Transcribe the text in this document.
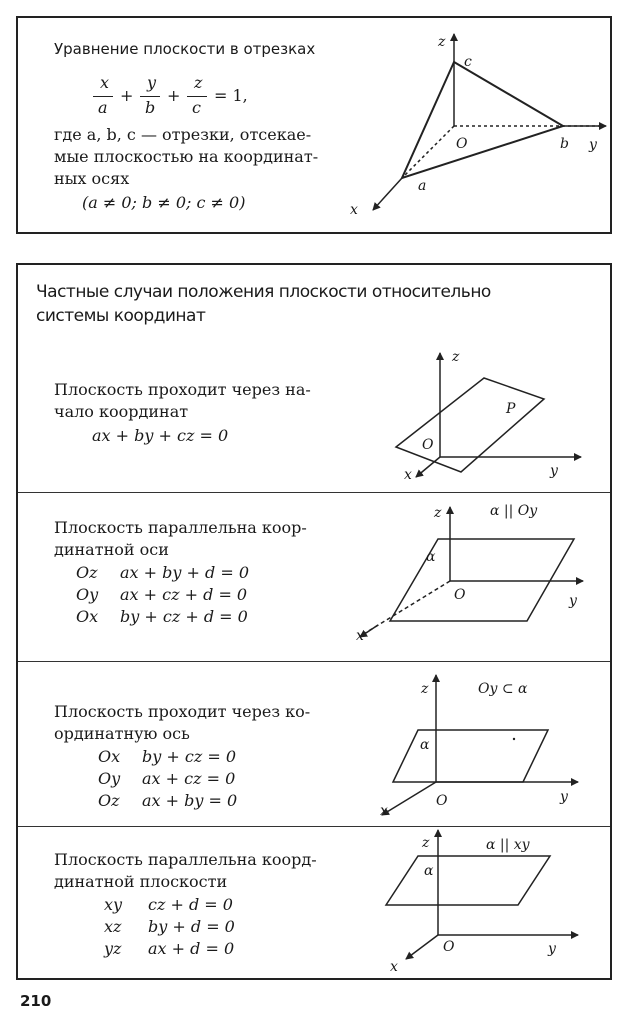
Уравнение плоскости в отрезках
x
a
+
y
b
+
z
c
= 1,
где a, b, c — отрезки, отсекае-
мые плоскостью на координат-
ных осях
(a ≠ 0; b ≠ 0; c ≠ 0)
z
c
O	b y
a
x
Частные случаи положения плоскости относительно
системы координат
Плоскость проходит через на-
чало координат
ax + by + cz = 0
z
P
O
x	y
Плоскость параллельна коор-
динатной оси
Oz ax + by + d = 0
Oy ax + cz + d = 0
Ox by + cz + d = 0
z	α || Oy
α
O	y
x
Плоскость проходит через ко-
ординатную ось
Ox by + cz = 0
Oy ax + cz = 0
Oz ax + by = 0
z	Oy ⊂ α
α
O	y
x
Плоскость параллельна коорд-
динатной плоскости
xy cz + d = 0
xz by + d = 0
yz ax + d = 0
z	α || xy
α
O	y
x
210
